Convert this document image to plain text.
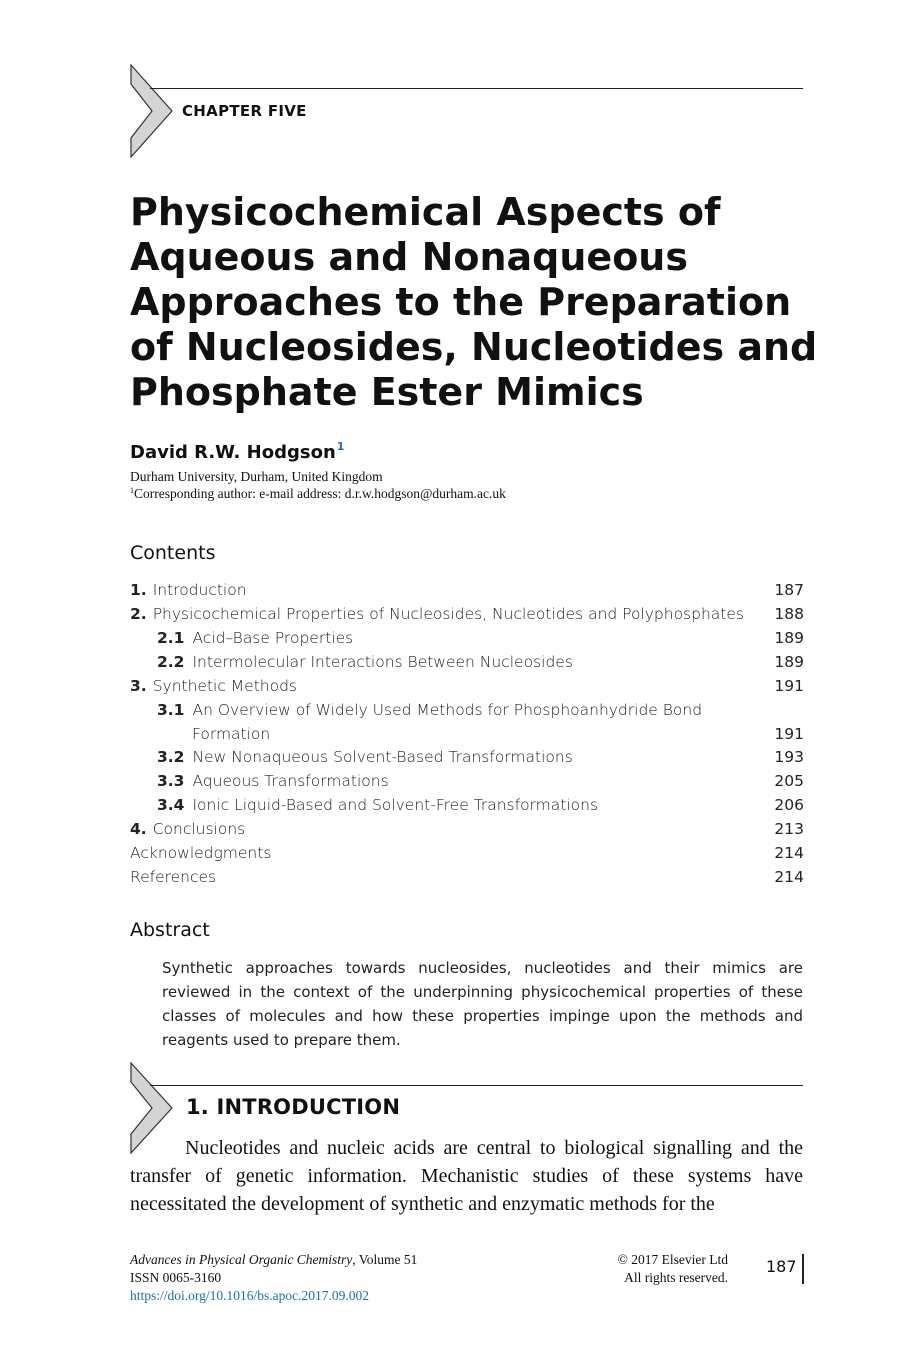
CHAPTER FIVE
Physicochemical Aspects of
Aqueous and Nonaqueous
Approaches to the Preparation
of Nucleosides, Nucleotides and
Phosphate Ester Mimics
David R.W. Hodgson$^1$
Durham University, Durham, United Kingdom
$^1$Corresponding author: e-mail address: d.r.w.hodgson@durham.ac.uk
Contents
1. Introduction	187
2. Physicochemical Properties of Nucleosides, Nucleotides and Polyphosphates 188
2.1 Acid–Base Properties	189
2.2 Intermolecular Interactions Between Nucleosides	189
3. Synthetic Methods	191
3.1 An Overview of Widely Used Methods for Phosphoanhydride Bond
Formation	191
3.2 New Nonaqueous Solvent-Based Transformations	193
3.3 Aqueous Transformations	205
3.4 Ionic Liquid-Based and Solvent-Free Transformations	206
4. Conclusions	213
Acknowledgments	214
References	214
Abstract

Synthetic approaches towards nucleosides, nucleotides and their mimics are reviewed in the context of the underpinning physicochemical properties of these classes of molecules and how these properties impinge upon the methods and reagents used to prepare them.

1. INTRODUCTION

Nucleotides and nucleic acids are central to biological signalling and the transfer of genetic information. Mechanistic studies of these systems have necessitated the development of synthetic and enzymatic methods for the

Advances in Physical Organic Chemistry, Volume 51
ISSN 0065-3160
https://doi.org/10.1016/bs.apoc.2017.09.002
© 2017 Elsevier Ltd
All rights reserved.
187
